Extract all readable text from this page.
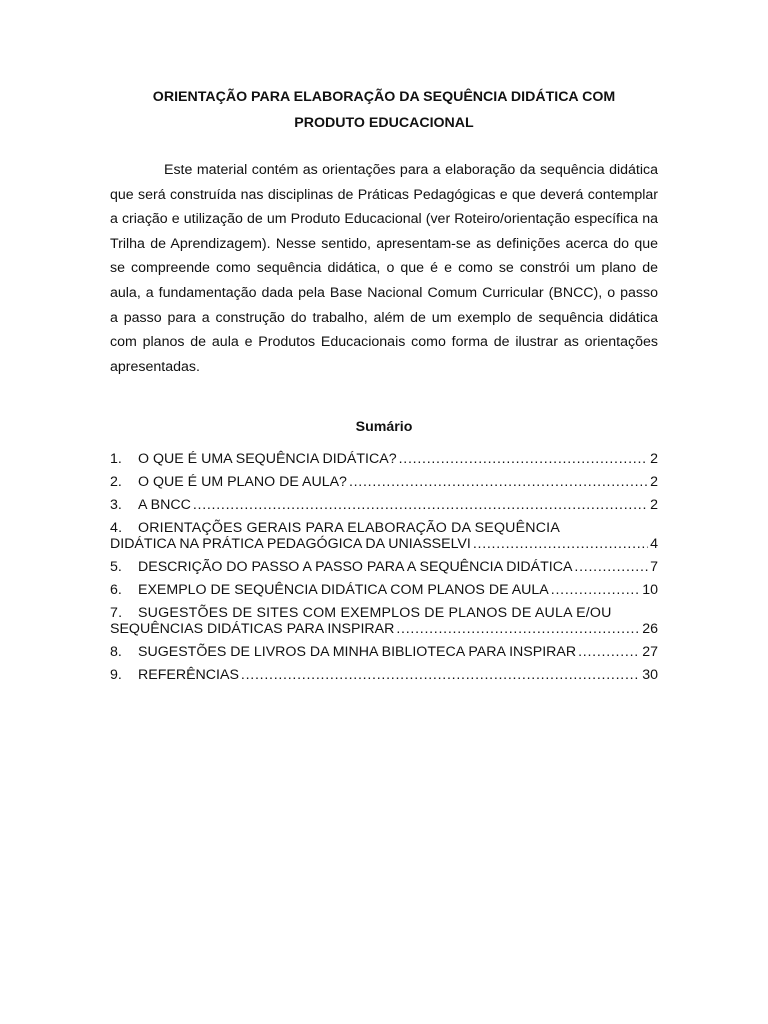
ORIENTAÇÃO PARA ELABORAÇÃO DA SEQUÊNCIA DIDÁTICA COM
PRODUTO EDUCACIONAL

Este material contém as orientações para a elaboração da sequência didática que será construída nas disciplinas de Práticas Pedagógicas e que deverá contemplar a criação e utilização de um Produto Educacional (ver Roteiro/orientação específica na Trilha de Aprendizagem). Nesse sentido, apresentam-se as definições acerca do que se compreende como sequência didática, o que é e como se constrói um plano de aula, a fundamentação dada pela Base Nacional Comum Curricular (BNCC), o passo a passo para a construção do trabalho, além de um exemplo de sequência didática com planos de aula e Produtos Educacionais como forma de ilustrar as orientações apresentadas.

Sumário
1.	O QUE É UMA SEQUÊNCIA DIDÁTICA? . . .	2
2.	O QUE É UM PLANO DE AULA? . . .	2
3.	A BNCC . . .	2
4. ORIENTAÇÕES GERAIS PARA ELABORAÇÃO DA SEQUÊNCIA
DIDÁTICA NA PRÁTICA PEDAGÓGICA DA UNIASSELVI . . .	4
5.	DESCRIÇÃO DO PASSO A PASSO PARA A SEQUÊNCIA DIDÁTICA . . .	7
6.	EXEMPLO DE SEQUÊNCIA DIDÁTICA COM PLANOS DE AULA . . .	10
7. SUGESTÕES DE SITES COM EXEMPLOS DE PLANOS DE AULA E/OU
SEQUÊNCIAS DIDÁTICAS PARA INSPIRAR . . .	26
8.	SUGESTÕES DE LIVROS DA MINHA BIBLIOTECA PARA INSPIRAR . . .	27
9.	REFERÊNCIAS . . .	30
